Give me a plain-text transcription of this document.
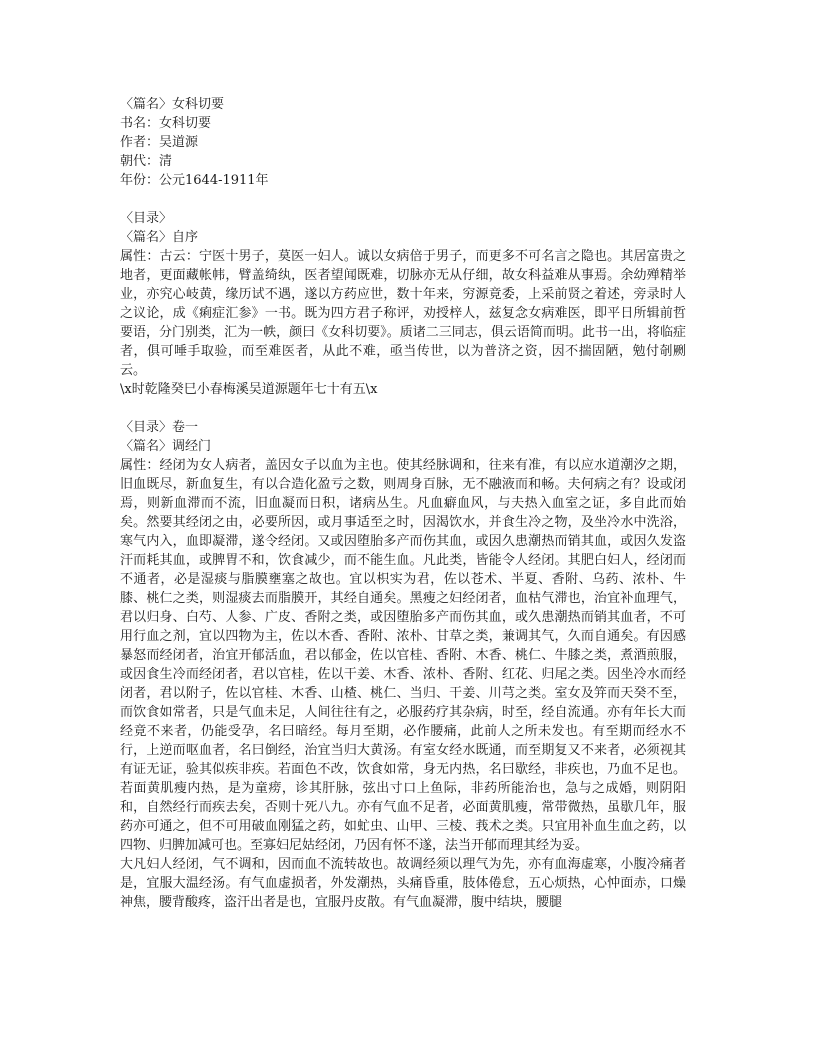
〈篇名〉女科切要
书名：女科切要
作者：吴道源
朝代：清
年份：公元1644-1911年
〈目录〉
〈篇名〉自序
属性：古云：宁医十男子，莫医一妇人。诚以女病倍于男子，而更多不可名言之隐也。其居富贵之地者，更面藏帐帏，臂盖绮纨，医者望闻既难，切脉亦无从仔细，故女科益难从事焉。余幼殚精举业，亦究心岐黄，缘历试不遇，遂以方药应世，数十年来，穷源竟委，上采前贤之着述，旁录时人之议论，成《痢症汇参》一书。既为四方君子称评，劝授梓人，兹复念女病难医，即平日所辑前哲要语，分门别类，汇为一帙，颜曰《女科切要》。质诸二三同志，俱云语简而明。此书一出，将临症者，俱可唾手取验，而至难医者，从此不难，亟当传世，以为普济之资，因不揣固陋，勉付剞劂云。
\x时乾隆癸巳小春梅溪吴道源题年七十有五\x
〈目录〉卷一
〈篇名〉调经门
属性：经闭为女人病者，盖因女子以血为主也。使其经脉调和，往来有准，有以应水道潮汐之期，旧血既尽，新血复生，有以合造化盈亏之数，则周身百脉，无不融液而和畅。夫何病之有？设或闭焉，则新血滞而不流，旧血凝而日积，诸病丛生。凡血癖血风，与夫热入血室之证，多自此而始矣。然要其经闭之由，必要所因，或月事适至之时，因渴饮水，并食生冷之物，及坐冷水中洗浴，寒气内入，血即凝滞，遂令经闭。又或因堕胎多产而伤其血，或因久患潮热而销其血，或因久发盗汗而耗其血，或脾胃不和，饮食减少，而不能生血。凡此类，皆能令人经闭。其肥白妇人，经闭而不通者，必是湿痰与脂膜壅塞之故也。宜以枳实为君，佐以苍术、半夏、香附、乌药、浓朴、牛膝、桃仁之类，则湿痰去而脂膜开，其经自通矣。黑瘦之妇经闭者，血枯气滞也，治宜补血理气，君以归身、白芍、人参、广皮、香附之类，或因堕胎多产而伤其血，或久患潮热而销其血者，不可用行血之剂，宜以四物为主，佐以木香、香附、浓朴、甘草之类，兼调其气，久而自通矣。有因感暴怒而经闭者，治宜开郁活血，君以郁金，佐以官桂、香附、木香、桃仁、牛膝之类，煮酒煎服，或因食生冷而经闭者，君以官桂，佐以干姜、木香、浓朴、香附、红花、归尾之类。因坐冷水而经闭者，君以附子，佐以官桂、木香、山楂、桃仁、当归、干姜、川芎之类。室女及笄而天癸不至，而饮食如常者，只是气血未足，人间往往有之，必服药疗其杂病，时至，经自流通。亦有年长大而经竟不来者，仍能受孕，名曰暗经。每月至期，必作腰痛，此前人之所未发也。有至期而经水不行，上逆而呕血者，名曰倒经，治宜当归大黄汤。有室女经水既通，而至期复又不来者，必须视其有证无证，验其似疾非疾。若面色不改，饮食如常，身无内热，名曰歇经，非疾也，乃血不足也。若面黄肌瘦内热，是为童痨，诊其肝脉，弦出寸口上鱼际，非药所能治也，急与之成婚，则阴阳和，自然经行而疾去矣，否则十死八九。亦有气血不足者，必面黄肌瘦，常带微热，虽歇几年，服药亦可通之，但不可用破血刚猛之药，如虻虫、山甲、三棱、莪术之类。只宜用补血生血之药，以四物、归脾加减可也。至寡妇尼姑经闭，乃因有怀不遂，法当开郁而理其经为妥。
大凡妇人经闭，气不调和，因而血不流转故也。故调经须以理气为先，亦有血海虚寒，小腹冷痛者是，宜服大温经汤。有气血虚损者，外发潮热，头痛昏重，肢体倦怠，五心烦热，心忡面赤，口燥神焦，腰背酸疼，盗汗出者是也，宜服丹皮散。有气血凝滞，腹中结块，腰腿
